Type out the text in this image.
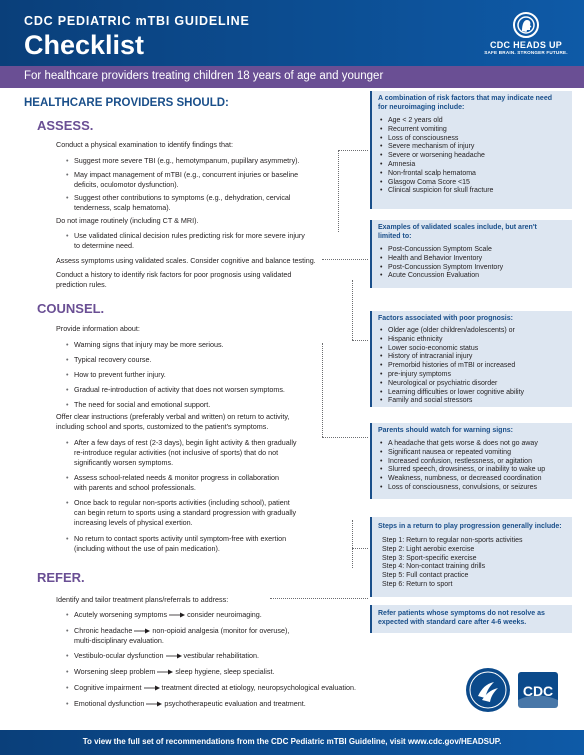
CDC PEDIATRIC mTBI GUIDELINE
Checklist	CDC HEADS UP
SAFE BRAIN. STRONGER FUTURE.
For healthcare providers treating children 18 years of age and younger
HEALTHCARE PROVIDERS SHOULD:
ASSESS.
Conduct a physical examination to identify findings that:
• Suggest more severe TBI (e.g., hemotympanum, pupillary asymmetry).
• May impact management of mTBI (e.g., concurrent injuries or baseline
deficits, oculomotor dysfunction).
• Suggest other contributions to symptoms (e.g., dehydration, cervical
tenderness, scalp hematoma).
Do not image routinely (including CT & MRI).
• Use validated clinical decision rules predicting risk for more severe injury
to determine need.
Assess symptoms using validated scales. Consider cognitive and balance testing.
Conduct a history to identify risk factors for poor prognosis using validated
prediction rules.
COUNSEL.
Provide information about:
• Warning signs that injury may be more serious.
• Typical recovery course.
• How to prevent further injury.
• Gradual re-introduction of activity that does not worsen symptoms.
• The need for social and emotional support.
Offer clear instructions (preferably verbal and written) on return to activity,
including school and sports, customized to the patient's symptoms.
• After a few days of rest (2-3 days), begin light activity & then gradually
re-introduce regular activities (not inclusive of sports) that do not
significantly worsen symptoms.
• Assess school-related needs & monitor progress in collaboration
with parents and school professionals.
• Once back to regular non-sports activities (including school), patient
can begin return to sports using a standard progression with gradually
increasing levels of physical exertion.
• No return to contact sports activity until symptom-free with exertion
(including without the use of pain medication).
REFER.
Identify and tailor treatment plans/referrals to address:
• Acutely worsening symptoms	consider neuroimaging.
• Chronic headache	non-opioid analgesia (monitor for overuse),
multi-disciplinary evaluation.
• Vestibulo-ocular dysfunction	vestibular rehabilitation.
• Worsening sleep problem	sleep hygiene, sleep specialist.
• Cognitive impairment	treatment directed at etiology, neuropsychological evaluation.
• Emotional dysfunction	psychotherapeutic evaluation and treatment.
A combination of risk factors that may indicate need
for neuroimaging include:
• Age < 2 years old
• Recurrent vomiting
• Loss of consciousness
• Severe mechanism of injury
• Severe or worsening headache
• Amnesia
• Non-frontal scalp hematoma
• Glasgow Coma Score <15
• Clinical suspicion for skull fracture
Examples of validated scales include, but aren't
limited to:
• Post-Concussion Symptom Scale
• Health and Behavior Inventory
• Post-Concussion Symptom Inventory
• Acute Concussion Evaluation
Factors associated with poor prognosis:
• Older age (older children/adolescents) or
• Hispanic ethnicity
• Lower socio-economic status
• History of intracranial injury
• Premorbid histories of mTBI or increased
• pre-injury symptoms
• Neurological or psychiatric disorder
• Learning difficulties or lower cognitive ability
• Family and social stressors
Parents should watch for warning signs:
• A headache that gets worse & does not go away
• Significant nausea or repeated vomiting
• Increased confusion, restlessness, or agitation
• Slurred speech, drowsiness, or inability to wake up
• Weakness, numbness, or decreased coordination
• Loss of consciousness, convulsions, or seizures
Steps in a return to play progression generally include:
Step 1: Return to regular non-sports activities
Step 2: Light aerobic exercise
Step 3: Sport-specific exercise
Step 4: Non-contact training drills
Step 5: Full contact practice
Step 6: Return to sport
Refer patients whose symptoms do not resolve as
expected with standard care after 4-6 weeks.
CDC
To view the full set of recommendations from the CDC Pediatric mTBI Guideline, visit www.cdc.gov/HEADSUP.
